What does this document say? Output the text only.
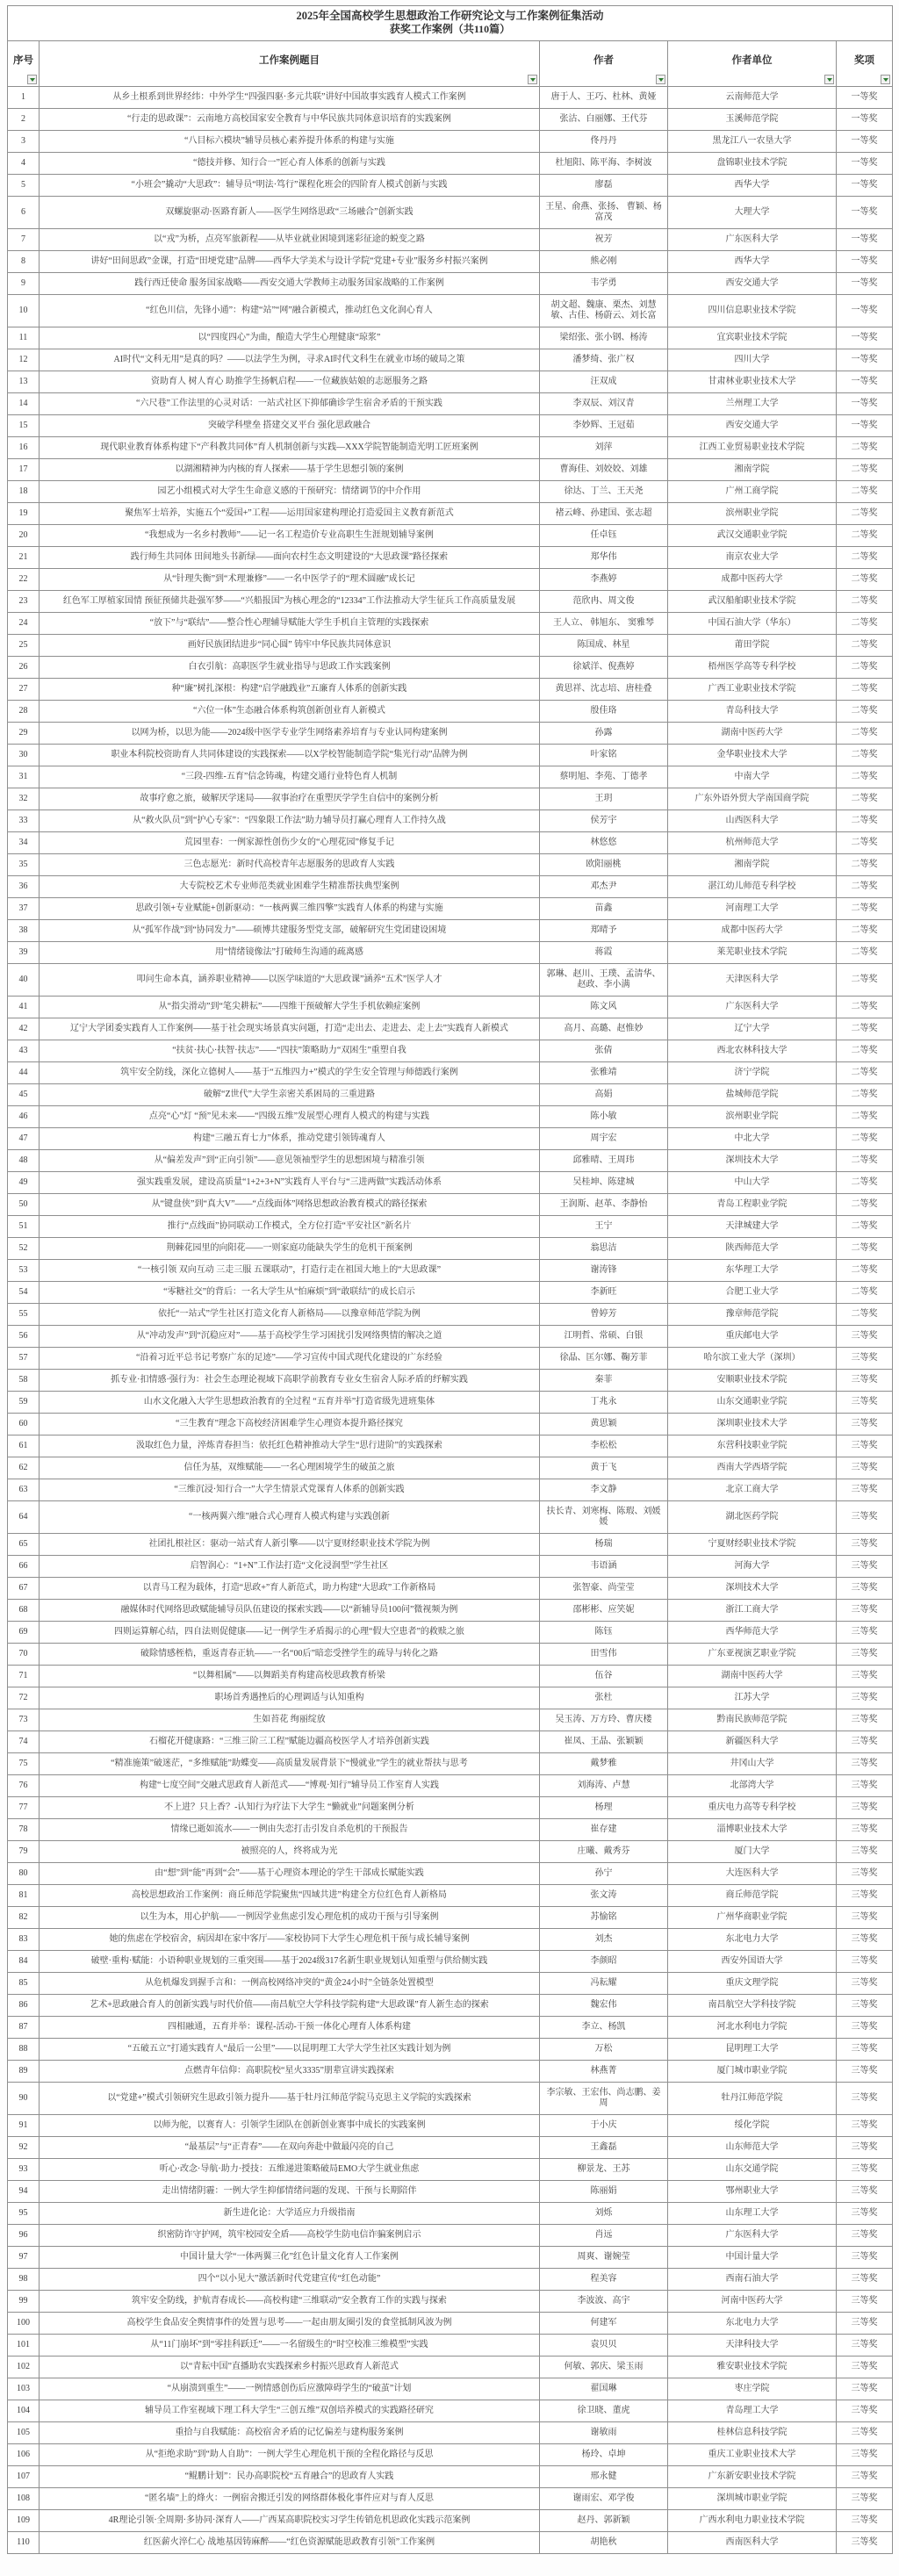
2025年全国高校学生思想政治工作研究论文与工作案例征集活动
获奖工作案例（共110篇）				

序号	工作案例题目	作者	作者单位	奖项

1	从乡土根系到世界经纬：中外学生“四强四驱·多元共联”讲好中国故事实践育人模式工作案例	唐于人、王巧、杜林、黄娅	云南师范大学	一等奖
2	“行走的思政课”：云南地方高校国家安全教育与中华民族共同体意识培育的实践案例	张沽、白丽娜、王代芬	玉溪师范学院	一等奖
3	“八目标六模块”辅导员核心素养提升体系的构建与实施	佟丹丹	黑龙江八一农垦大学	一等奖
4	“德技并修、知行合一”匠心育人体系的创新与实践	杜旭阳、陈平海、李树波	盘锦职业技术学院	一等奖
5	“小班会”撬动“大思政”：辅导员“明法·笃行”课程化班会的四阶育人模式创新与实践	廖磊	西华大学	一等奖
6	双螺旋驱动·医路育新人——医学生网络思政“三场融合”创新实践	王星、俞燕、张扬、 曹颖、杨富茂	大理大学	一等奖
7	以“戎”为桥，点亮军旅新程——从毕业就业困境到迷彩征途的蜕变之路	祝芳	广东医科大学	一等奖
8	讲好“田间思政”金课，打造“田埂党建”品牌——西华大学美术与设计学院“党建+专业”服务乡村振兴案例	熊必刚	西华大学	一等奖
9	践行西迁使命 服务国家战略——西安交通大学教师主动服务国家战略的工作案例	韦学勇	西安交通大学	一等奖
10	“红色川信，先锋小通”：构建“站”“网”融合新模式，推动红色文化润心育人	胡文超、魏康、栗杰、刘慧敏、古佳、杨蔚云、刘长富	四川信息职业技术学院	一等奖
11	以“四度四心”为曲，酿造大学生心理健康“琼浆”	梁绍张、张小钢、杨涛	宜宾职业技术学院	一等奖
12	AI时代“文科无用”是真的吗？——以法学生为例，寻求AI时代文科生在就业市场的破局之策	潘梦绮、张广权	四川大学	一等奖
13	资助育人 树人育心 助推学生扬帆启程——一位藏族姑娘的志愿服务之路	汪双成	甘肃林业职业技术大学	一等奖
14	“六尺巷”工作法里的心灵对话：一站式社区下抑郁确诊学生宿舍矛盾的干预实践	李双辰、刘汉青	兰州理工大学	一等奖
15	突破学科壁垒 搭建交叉平台 强化思政融合	李妙辉、王冠茹	西安交通大学	一等奖
16	现代职业教育体系构建下“产科教共同体”育人机制创新与实践—XXX学院智能制造光明工匠班案例	刘萍	江西工业贸易职业技术学院	二等奖
17	以湖湘精神为内核的育人探索——基于学生思想引领的案例	曹海佳、刘姣姣、刘雄	湘南学院	二等奖
18	园艺小组模式对大学生生命意义感的干预研究：情绪调节的中介作用	徐达、丁兰、王天尧	广州工商学院	二等奖
19	聚焦军士培养，实施五个“爱国+”工程——运用国家建构理论打造爱国主义教育新范式	褚云峰、孙建国、张志超	滨州职业学院	二等奖
20	“我想成为一名乡村教师”——记一名工程造价专业高职生生涯规划辅导案例	任卓钰	武汉交通职业学院	二等奖
21	践行师生共同体 田间地头书新绿——面向农村生态文明建设的“大思政课”路径探索	郑华伟	南京农业大学	二等奖
22	从“针理失衡”到“术理兼修”——一名中医学子的“理术圆融”成长记	李燕婷	成都中医药大学	二等奖
23	红色军工厚植家国情 预征预储共赴强军梦——“兴船报国”为核心理念的“12334”工作法推动大学生征兵工作高质量发展	范欣冉、周文俊	武汉船舶职业技术学院	二等奖
24	“放下”与“联结”——整合性心理辅导赋能大学生手机自主管理的实践探索	王人立、 韩旭东、 窦雅琴	中国石油大学（华东）	二等奖
25	画好民族团结进步“同心圆” 铸牢中华民族共同体意识	陈国成、林星	莆田学院	二等奖
26	白衣引航：高职医学生就业指导与思政工作实践案例	徐斌洋、倪燕婷	梧州医学高等专科学校	二等奖
27	种“廉”树扎深根：构建“启学融践业”五廉育人体系的创新实践	黄思祥、沈志培、唐桂叠	广西工业职业技术学院	二等奖
28	“六位一体”生态融合体系构筑创新创业育人新模式	殷佳珞	青岛科技大学	二等奖
29	以网为桥，以思为能——2024级中医学专业学生网络素养培育与专业认同构建案例	孙露	湖南中医药大学	二等奖
30	职业本科院校资助育人共同体建设的实践探索——以X学校智能制造学院“集光行动”品牌为例	叶家铭	金华职业技术大学	二等奖
31	“三段-四维-五育”信念铸魂，构建交通行业特色育人机制	蔡明旭、李苑、丁德孝	中南大学	二等奖
32	故事疗愈之旅，破解厌学迷局——叙事治疗在重塑厌学学生自信中的案例分析	王玥	广东外语外贸大学南国商学院	二等奖
33	从“救火队员”到“护心专家”：“四象限工作法”助力辅导员打赢心理育人工作持久战	侯芳宇	山西医科大学	二等奖
34	荒园里春：一例家源性创伤少女的“心理花园”修复手记	林悠悠	杭州师范大学	二等奖
35	三色志愿光：新时代高校青年志愿服务的思政育人实践	欧阳丽桃	湘南学院	二等奖
36	大专院校艺术专业师范类就业困难学生精准帮扶典型案例	邓杰尹	湛江幼儿师范专科学校	二等奖
37	思政引领+专业赋能+创新驱动：“一核两翼三维四擎”实践育人体系的构建与实施	苗鑫	河南理工大学	二等奖
38	从“孤军作战”到“协同发力”——硕博共建服务型党支部，破解研究生党团建设困境	郑晴予	成都中医药大学	二等奖
39	用“情绪镜像法”打破师生沟通的疏离感	蒋霞	莱芜职业技术学院	二等奖
40	叩问生命本真，涵养职业精神——以医学味道的“大思政课”涵养“五术”医学人才	郭琳、赵川、王璞、孟清华、赵政、李小满	天津医科大学	二等奖
41	从“指尖滑动”到“笔尖耕耘”——四维干预破解大学生手机依赖症案例	陈文风	广东医科大学	二等奖
42	辽宁大学团委实践育人工作案例——基于社会现实场景真实问题，打造“走出去、走进去、走上去”实践育人新模式	高月、高璐、赵惟妙	辽宁大学	二等奖
43	“扶贫·扶心·扶智·扶志”——“四扶”策略助力“双困生”重塑自我	张倩	西北农林科技大学	二等奖
44	筑牢安全防线，深化立德树人——基于“五维四力+”模式的学生安全管理与师德践行案例	张雅靖	济宁学院	二等奖
45	破解“Z世代”大学生亲密关系困局的三重进路	高娟	盐城师范学院	二等奖
46	点亮“心”灯 “预”见未来——“四级五维”发展型心理育人模式的构建与实践	陈小敏	滨州职业学院	二等奖
47	构建“三融五育七力”体系，推动党建引领铸魂育人	周宇宏	中北大学	二等奖
48	从“偏差发声”到“正向引领”——意见领袖型学生的思想困境与精准引领	邱雅晴、王周玮	深圳技术大学	二等奖
49	强实践重发展，建设高质量“1+2+3+N”实践育人平台与“三进两做”实践活动体系	吴桂坤、陈建城	中山大学	二等奖
50	从“键盘侠”到“真大V”——“点线面体”网络思想政治教育模式的路径探索	王润斯、赵革、李静怡	青岛工程职业学院	二等奖
51	推行“点线面”协同联动工作模式，全方位打造“平安社区”新名片	王宁	天津城建大学	二等奖
52	荆棘花园里的向阳花——一则家庭功能缺失学生的危机干预案例	翁思洁	陕西师范大学	二等奖
53	“一核引领 双向互动 三走三服 五课联动”，打造行走在祖国大地上的“大思政课”	谢涛锋	东华理工大学	二等奖
54	“零糖社交”的背后：一名大学生从“怕麻烦”到“敢联结”的成长启示	李新旺	合肥工业大学	二等奖
55	依托“一站式”学生社区打造文化育人新格局——以豫章师范学院为例	曾婷芳	豫章师范学院	二等奖
56	从“冲动发声”到“沉稳应对”——基于高校学生学习困扰引发网络舆情的解决之道	江明哲、常硕、白银	重庆邮电大学	三等奖
57	“沿着习近平总书记考察广东的足迹”——学习宣传中国式现代化建设的广东经验	徐晶、匡尔娜、鞠芳菲	哈尔滨工业大学（深圳）	三等奖
58	抓专业·扣情感·强行为：社会生态理论视域下高职学前教育专业女生宿舍人际矛盾的纾解实践	秦菲	安顺职业技术学院	三等奖
59	山水文化融入大学生思想政治教育的全过程 “五育并举”打造省级先进班集体	丁兆永	山东交通职业学院	三等奖
60	“三生教育”理念下高校经济困难学生心理资本提升路径探究	黄思颖	深圳职业技术大学	三等奖
61	汲取红色力量，淬炼青春担当：依托红色精神推动大学生“思行进阶”的实践探索	李松松	东营科技职业学院	三等奖
62	信任为基，双维赋能——一名心理困境学生的破茧之旅	黄于飞	西南大学西塔学院	三等奖
63	“三维沉浸·知行合一”大学生情景式党课育人体系的创新实践	李文静	北京工商大学	三等奖
64	“一核两翼六维”融合式心理育人模式构建与实践创新	扶长青、刘寒梅、陈瑕、刘媛媛	湖北医药学院	三等奖
65	社团扎根社区：驱动一站式育人新引擎——以宁夏财经职业技术学院为例	杨瑞	宁夏财经职业技术学院	三等奖
66	启智润心：“1+N”工作法打造“文化浸润型”学生社区	韦语涵	河海大学	三等奖
67	以青马工程为载体，打造“思政+”育人新范式，助力构建“大思政”工作新格局	张智豪、尚莹莹	深圳技术大学	三等奖
68	融媒体时代网络思政赋能辅导员队伍建设的探索实践——以“新辅导员100问”微视频为例	邵彬彬、应笑妮	浙江工商大学	三等奖
69	四则运算解心结，四自法则促健康——记一例学生矛盾揭示的心理“假大空患者”的救赎之旅	陈钰	西华师范大学	三等奖
70	破除情感桎梏，重返青春正轨——一名“00后”暗恋受挫学生的疏导与转化之路	田雪伟	广东亚视演艺职业学院	三等奖
71	“以舞相属”——以舞蹈美育构建高校思政教育桥梁	伍谷	湖南中医药大学	三等奖
72	职场首秀遇挫后的心理调适与认知重构	张杜	江苏大学	三等奖
73	生如苔花 绚丽绽放	吴玉涛、万方玲、曹庆楼	黔南民族师范学院	三等奖
74	石榴花开健康路：“三维三阶三工程”赋能边疆高校医学人才培养创新实践	崔凤、王晶、张颖颖	新疆医科大学	三等奖
75	“精准施策”破迷茫，“多维赋能”助蝶变——高质量发展背景下“慢就业”学生的就业帮扶与思考	戴梦雅	井冈山大学	三等奖
76	构建“七度空间”交融式思政育人新范式——“博观·知行”辅导员工作室育人实践	刘海涛、卢慧	北部湾大学	三等奖
77	不上进？只上香？-认知行为疗法下大学生 “懒就业”问题案例分析	杨理	重庆电力高等专科学校	三等奖
78	情缘已逝如流水——一例由失恋打击引发自杀危机的干预报告	崔存建	淄博职业技术大学	三等奖
79	被照亮的人，终将成为光	庄曦、戴秀芬	厦门大学	三等奖
80	由“想”到“能”再到“会”——基于心理资本理论的学生干部成长赋能实践	孙宁	大连医科大学	三等奖
81	高校思想政治工作案例：商丘师范学院聚焦“四域共进”构建全方位红色育人新格局	张文涛	商丘师范学院	三等奖
82	以生为本，用心护航——一例因学业焦虑引发心理危机的成功干预与引导案例	苏愉铭	广州华商职业学院	三等奖
83	她的焦虑在学校宿舍，病因却在家中客厅——家校协同下大学生心理危机干预与成长辅导案例	刘杰	东北电力大学	三等奖
84	破壁·重构·赋能：小语种职业规划的三重突围——基于2024级317名新生职业规划认知重塑与供给侧实践	李颜昭	西安外国语大学	三等奖
85	从危机爆发到握手言和：一例高校网络冲突的“黄金24小时”全链条处置模型	冯耘耀	重庆文理学院	三等奖
86	艺术+思政融合育人的创新实践与时代价值——南昌航空大学科技学院构建“大思政课”育人新生态的探索	魏宏伟	南昌航空大学科技学院	三等奖
87	四相融通，五育并举：课程-活动-干预一体化心理育人体系构建	李立、杨凯	河北水利电力学院	三等奖
88	“五破五立”打通实践育人“最后一公里”——以昆明理工大学大学生社区实践计划为例	万松	昆明理工大学	三等奖
89	点燃青年信仰：高职院校“星火3335”朋辈宣讲实践探索	林燕菁	厦门城市职业学院	三等奖
90	以“党建+”模式引领研究生思政引领力提升——基于牡丹江师范学院马克思主义学院的实践探索	李宗敏、王宏伟、尚志鹏、姜周	牡丹江师范学院	三等奖
91	以师为舵，以赛育人：引领学生团队在创新创业赛事中成长的实践案例	于小庆	绥化学院	三等奖
92	“最基层”与“正青春”——在双向奔赴中做最闪亮的自己	王鑫磊	山东师范大学	三等奖
93	听心·改念·导航·助力·授技：五维递进策略破局EMO大学生就业焦虑	柳景龙、王苏	山东交通学院	三等奖
94	走出情绪阴霾：一例大学生抑郁情绪问题的发现、干预与长期陪伴	陈丽娟	鄂州职业大学	三等奖
95	新生进化论：大学适应力升级指南	刘烁	山东理工大学	三等奖
96	织密防诈守护网，筑牢校园安全盾——高校学生防电信诈骗案例启示	肖远	广东医科大学	三等奖
97	中国计量大学“一体两翼三化”红色计量文化育人工作案例	周爽、谢婉莹	中国计量大学	三等奖
98	四个“以小见大”激活新时代党建宣传“红色动能”	程美容	西南石油大学	三等奖
99	筑牢安全防线，护航青春成长——高校构建“三维联动”安全教育工作的实践与探索	李波波、高宇	河南中医药大学	三等奖
100	高校学生食品安全舆情事件的处置与思考——一起由朋友圈引发的食堂抵制风波为例	何建军	东北电力大学	三等奖
101	从“11门崩坏”到“零挂科跃迁”——一名留级生的“时空校准三维模型”实践	袁贝贝	天津科技大学	三等奖
102	以“青耘中国”直播助农实践探索乡村振兴思政育人新范式	何敏、郭庆、梁玉雨	雅安职业技术学院	三等奖
103	“从崩溃到重生”——一例情感创伤后应激障碍学生的“破茧”计划	翟国琳	枣庄学院	三等奖
104	辅导员工作室视域下理工科大学生“三创五维”双创培养模式的实践路径研究	徐卫晓、董虎	青岛理工大学	三等奖
105	重拾与自我赋能：高校宿舍矛盾的记忆偏差与建构服务案例	谢敏雨	桂林信息科技学院	三等奖
106	从“拒绝求助”到“助人自助”：一例大学生心理危机干预的全程化路径与反思	杨玲、卓坤	重庆工业职业技术大学	三等奖
107	“鲲鹏计划”：民办高职院校“五育融合”的思政育人实践	邢永健	广东新安职业技术学院	三等奖
108	“匿名墙”上的烽火：一例宿舍搬迁引发的网络群体极化事件应对与育人反思	谢雨宏、邓学俊	深圳城市职业学院	三等奖
109	4R理论引领·全周期·多协同·深育人——广西某高职院校实习学生传销危机思政化实践示范案例	赵丹、郭新颖	广西水利电力职业技术学院	三等奖
110	红医薪火淬仁心 战地基因铸麻醉——“红色资源赋能思政教育引领”工作案例	胡艳秋	西南医科大学	三等奖
